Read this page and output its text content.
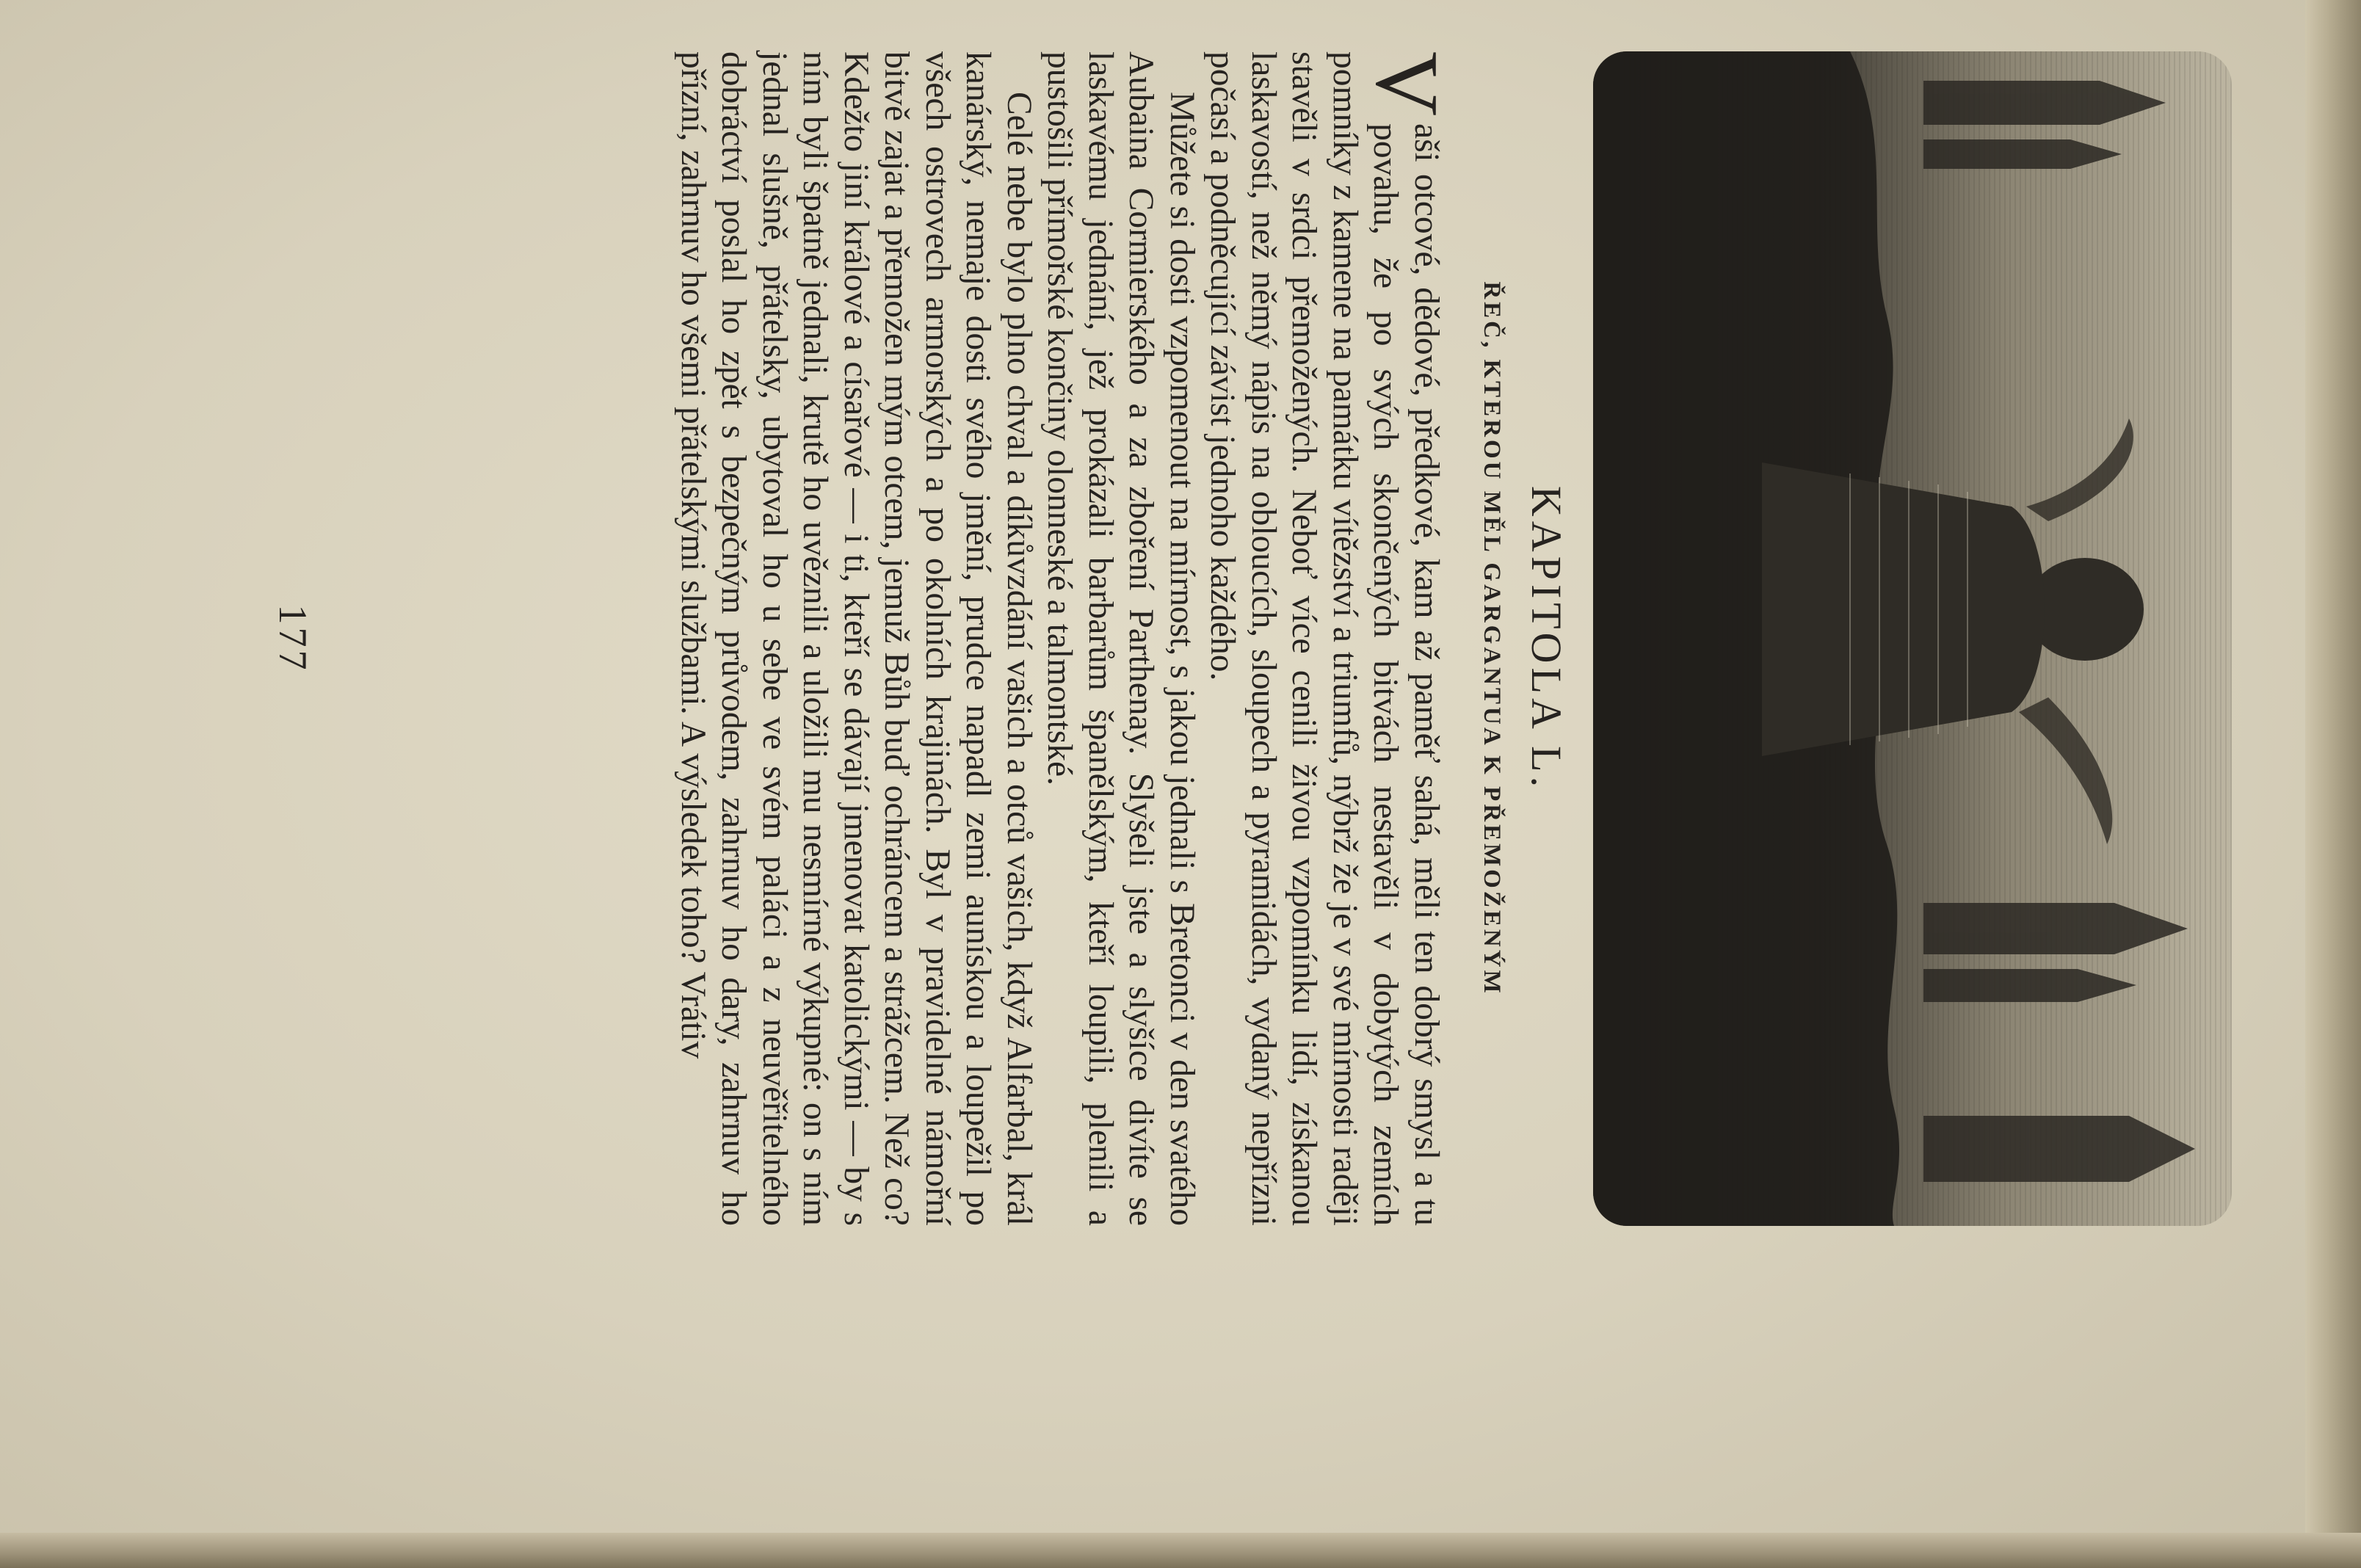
KAPITOLA L.
ŘEČ, KTEROU MĚL GARGANTUA K PŘEMOŽENÝM

V
aši otcové, dědové, předkové, kam až paměť sahá, měli ten dobrý smysl a tu povahu, že po svých skončených bitvách nestavěli v dobytých zemích pomníky z kamene na památku vítězství a triumfů, nýbrž že je v své mírnosti raději stavěli v srdci přemožených. Neboť více cenili živou vzpomínku lidí, získanou laskavostí, než němý nápis na obloucích, sloupech a pyramidách, vydaný nepřízni počasí a podněcující závist jednoho každého.

Můžete si dosti vzpomenout na mírnost, s jakou jednali s Bretonci v den svatého Aubaina Cormierského a za zboření Parthenay. Slyšeli jste a slyšíce divíte se laskavému jednání, jež prokázali barbarům španělským, kteří loupili, plenili a pustošili přímořské končiny olonneské a talmontské.

Celé nebe bylo plno chval a díkůvzdání vašich a otců vašich, když Alfarbal, král kanárský, nemaje dosti svého jmění, prudce napadl zemi aunískou a loupežil po všech ostrovech armorských a po okolních krajinách. Byl v pravidelné námořní bitvě zajat a přemožen mým otcem, jemuž Bůh buď ochráncem a strážcem. Než co? Kdežto jiní králové a císařové — i ti, kteří se dávají jmenovat katolickými — by s ním byli špatně jednali, krutě ho uvěznili a uložili mu nesmírné výkupné: on s ním jednal slušně, přátelsky, ubytoval ho u sebe ve svém paláci a z neuvěřitelného dobráctví poslal ho zpět s bezpečným průvodem, zahrnuv ho dary, zahrnuv ho přízní, zahrnuv ho všemi přátelskými službami. A výsledek toho? Vrátiv

177
